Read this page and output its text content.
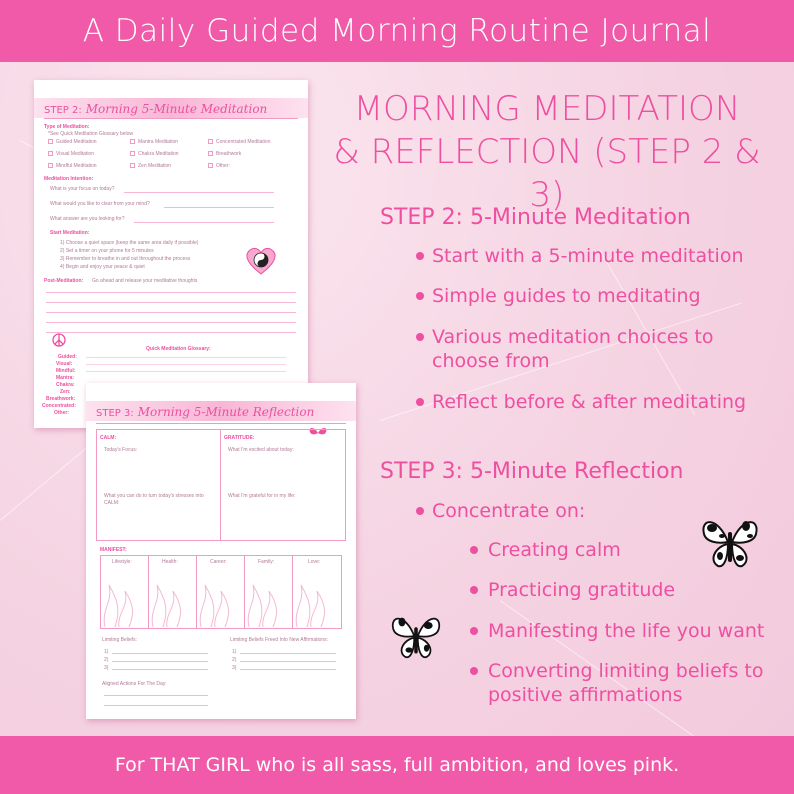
A Daily Guided Morning Routine Journal
STEP 2: Morning 5-Minute Meditation
Type of Meditation:
*See Quick Meditation Glossary below
Guided Meditation	Mantra Meditation	Concentrated Meditation
Visual Meditation	Chakra Meditation	Breathwork
Mindful Meditation	Zen Meditation	Other:
Meditation Intention:
What is your focus on today?
What would you like to clear from your mind?
What answer are you looking for?
Start Meditation:
1) Choose a quiet space (keep the same area daily if possible)
2) Set a timer on your phone for 5 minutes
3) Remember to breathe in and out throughout the process
4) Begin and enjoy your peace & quiet
Post-Meditation: Go ahead and release your meditative thoughts
Quick Meditation Glossary:
Guided:
Visual:
Mindful:
Mantra:
Chakra:
Zen:
Breathwork:
Concentrated:
Other:	STEP 3: Morning 5-Minute Reflection
CALM:
Today's Focus:
What you can do to turn today's stresses into CALM:
GRATITUDE:
What I'm excited about today:
What I'm grateful for in my life:
MANIFEST:
Lifestyle:	Health:	Career:	Family:	Love:
Limiting Beliefs:	Limiting Beliefs Freed Into New Affirmations:
1)	1)
2)	2)
3)	3)
Aligned Actions For The Day:
MORNING MEDITATION
& REFLECTION (STEP 2 & 3)
STEP 2: 5-Minute Meditation
Start with a 5-minute meditation
Simple guides to meditating
Various meditation choices to
choose from
Reflect before & after meditating
STEP 3: 5-Minute Reflection
Concentrate on:
Creating calm
Practicing gratitude
Manifesting the life you want
Converting limiting beliefs to
positive affirmations
For THAT GIRL who is all sass, full ambition, and loves pink.
